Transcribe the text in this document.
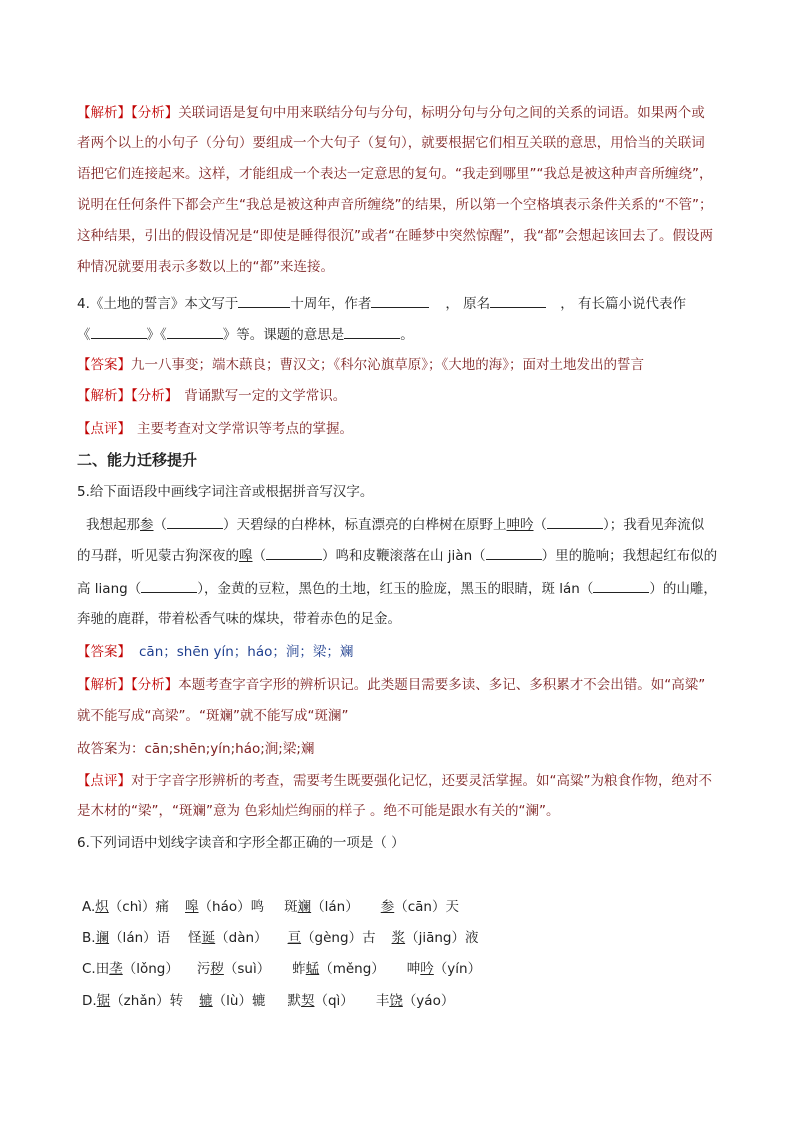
【解析】【分析】关联词语是复句中用来联结分句与分句，标明分句与分句之间的关系的词语。如果两个或
者两个以上的小句子（分句）要组成一个大句子（复句），就要根据它们相互关联的意思，用恰当的关联词
语把它们连接起来。这样，才能组成一个表达一定意思的复句。“我走到哪里”“我总是被这种声音所缠绕”，
说明在任何条件下都会产生“我总是被这种声音所缠绕”的结果，所以第一个空格填表示条件关系的“不管”；
这种结果，引出的假设情况是“即使是睡得很沉”或者“在睡梦中突然惊醒”，我“都”会想起该回去了。假设两
种情况就要用表示多数以上的“都”来连接。
4.《土地的誓言》本文写于	十周年，作者	， 原名	， 有长篇小说代表作
《	》《	》等。课题的意思是	。
【答案】九一八事变；端木蕻良；曹汉文；《科尔沁旗草原》；《大地的海》；面对土地发出的誓言
【解析】【分析】 背诵默写一定的文学常识。
【点评】 主要考查对文学常识等考点的掌握。
二、能力迁移提升
5.给下面语段中画线字词注音或根据拼音写汉字。
我想起那参（	）天碧绿的白桦林，标直漂亮的白桦树在原野上呻吟（	）；我看见奔流似
的马群，听见蒙古狗深夜的嗥（	）鸣和皮鞭滚落在山 jiàn（	）里的脆响；我想起红布似的
高 liang（	），金黄的豆粒，黑色的土地，红玉的脸庞，黑玉的眼睛，斑 lán（	）的山雕，
奔驰的鹿群，带着松香气味的煤块，带着赤色的足金。
【答案】 cān；shēn yín；háo；涧；梁；斓
【解析】【分析】本题考查字音字形的辨析识记。此类题目需要多读、多记、多积累才不会出错。如“高粱”
就不能写成“高梁”。“斑斓”就不能写成“斑澜”
故答案为：cān;shēn;yín;háo;涧;梁;斓
【点评】对于字音字形辨析的考查，需要考生既要强化记忆，还要灵活掌握。如“高粱”为粮食作物，绝对不
是木材的“梁”，“斑斓”意为 色彩灿烂绚丽的样子 。绝不可能是跟水有关的“澜”。
6.下列词语中划线字读音和字形全都正确的一项是（ ）
A.炽（chì）痛 嗥（háo）鸣 斑斓（lán） 参（cān）天
B.谰（lán）语 怪诞（dàn） 亘（gèng）古 浆（jiāng）液
C.田垄（lǒng） 污秽（suì） 蚱蜢（měng） 呻吟（yín）
D.锯（zhǎn）转 辘（lù）辘 默契（qì） 丰饶（yáo）
